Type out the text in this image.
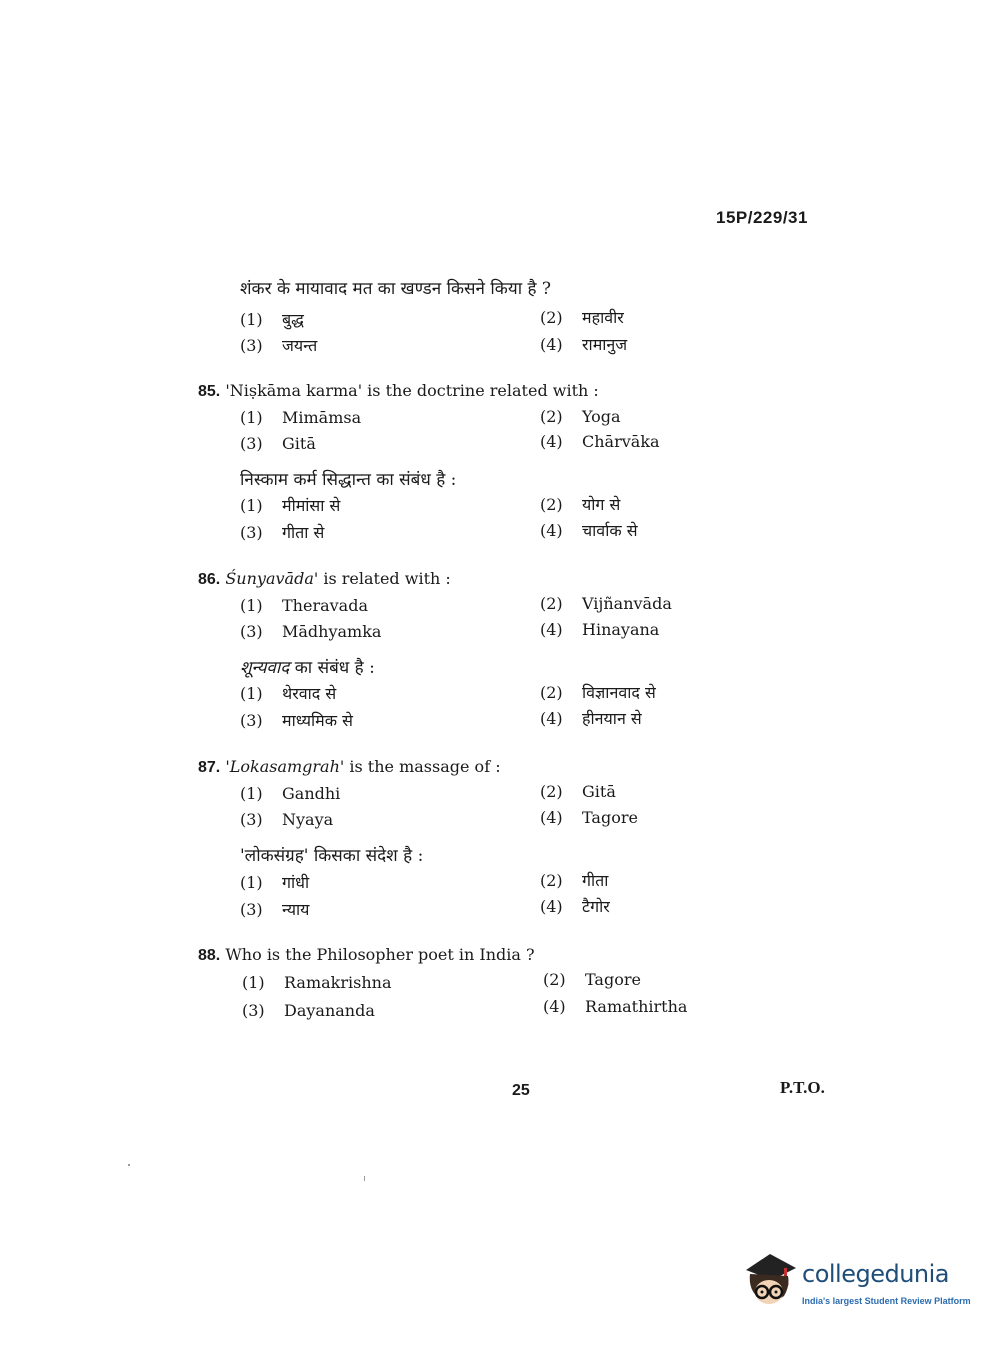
15P/229/31
शंकर के मायावाद मत का खण्डन किसने किया है ?
(1) बुद्ध	(2) महावीर
(3) जयन्त	(4) रामानुज
85. 'Niṣkāma karma' is the doctrine related with :
(1) Mimāmsa	(2) Yoga
(3) Gitā	(4) Chārvāka
निस्काम कर्म सिद्धान्त का संबंध है :
(1) मीमांसा से	(2) योग से
(3) गीता से	(4) चार्वाक से
86. Śunyavāda' is related with :
(1) Theravada	(2) Vijñanvāda
(3) Mādhyamka	(4) Hinayana
शून्यवाद का संबंध है :
(1) थेरवाद से	(2) विज्ञानवाद से
(3) माध्यमिक से	(4) हीनयान से
87. 'Lokasamgrah' is the massage of :
(1) Gandhi	(2) Gitā
(3) Nyaya	(4) Tagore
'लोकसंग्रह' किसका संदेश है :
(1) गांधी	(2) गीता
(3) न्याय	(4) टैगोर
88. Who is the Philosopher poet in India ?
(1) Ramakrishna	(2) Tagore
(3) Dayananda	(4) Ramathirtha
25	P.T.O.
collegedunia
India's largest Student Review Platform
